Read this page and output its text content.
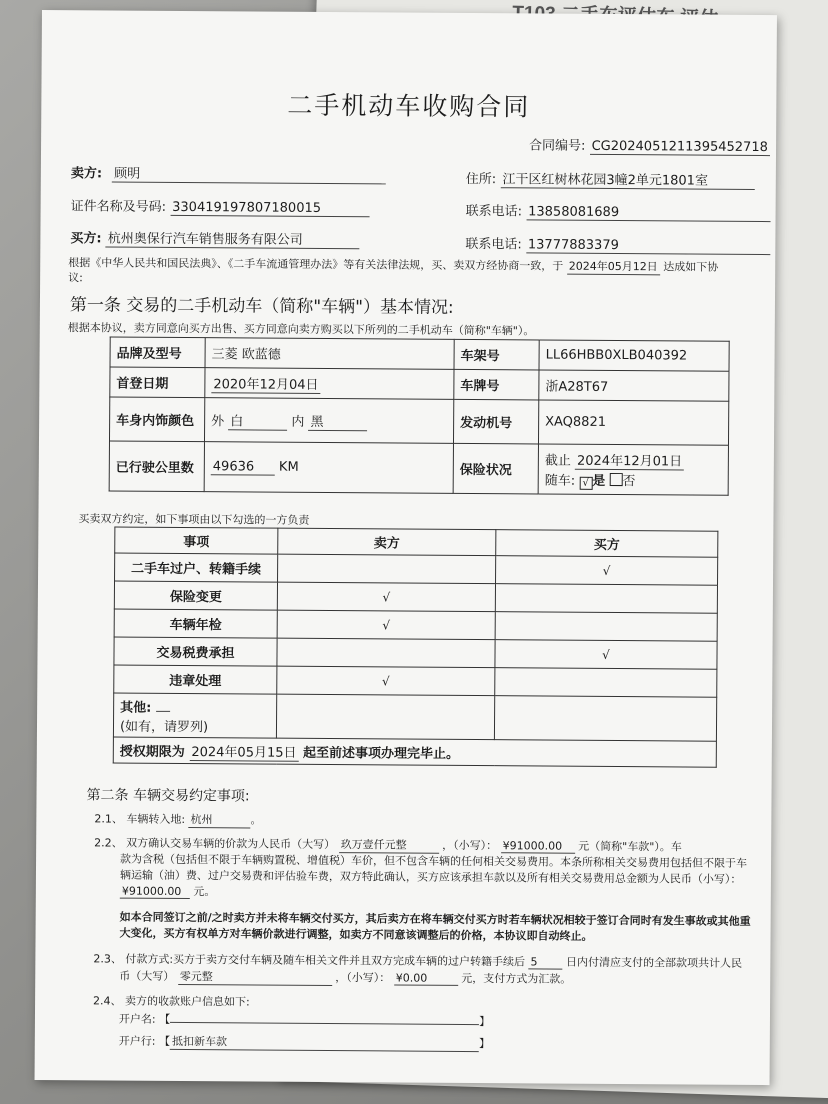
二手机动车收购合同
合同编号: CG2024051211395452718
卖方: 顾明	住所: 江干区红树林花园3幢2单元1801室
证件名称及号码: 330419197807180015	联系电话: 13858081689
买方: 杭州奥保行汽车销售服务有限公司	联系电话: 13777883379
根据《中华人民共和国民法典》、《二手车流通管理办法》等有关法律法规，买、卖双方经协商一致，于 2024年05月12日 达成如下协
议:
第一条 交易的二手机动车（简称"车辆"）基本情况:
根据本协议，卖方同意向买方出售、买方同意向卖方购买以下所列的二手机动车（简称"车辆"）。
品牌及型号	三菱 欧蓝德	车架号	LL66HBB0XLB040392
首登日期	2020年12月04日	车牌号	浙A28T67
车身内饰颜色	外 白 内 黑	发动机号	XAQ8821
已行驶公里数	49636 KM	保险状况	截止 2024年12月01日
随车: √ 是 否
买卖双方约定，如下事项由以下勾选的一方负责
事项	卖方	买方
二手车过户、转籍手续		√
保险变更	√	
车辆年检	√	
交易税费承担		√
违章处理	√	

其他:
(如有，请罗列)		

授权期限为 2024年05月15日 起至前述事项办理完毕止。		
第二条 车辆交易约定事项:
2.1、 车辆转入地: 杭州	。
2.2、 双方确认交易车辆的价款为人民币（大写） 玖万壹仟元整	，（小写）： ¥91000.00 元（简称"车款"）。车
款为含税（包括但不限于车辆购置税、增值税）车价，但不包含车辆的任何相关交易费用。本条所称相关交易费用包括但不限于车
辆运输（油）费、过户交易费和评估验车费，双方特此确认，买方应该承担车款以及所有相关交易费用总金额为人民币（小写）：
¥91000.00 元。
如本合同签订之前/之时卖方并未将车辆交付买方，其后卖方在将车辆交付买方时若车辆状况相较于签订合同时有发生事故或其他重
大变化，买方有权单方对车辆价款进行调整，如卖方不同意该调整后的价格，本协议即自动终止。
2.3、 付款方式:买方于卖方交付车辆及随车相关文件并且双方完成车辆的过户转籍手续后 5	日内付清应支付的全部款项共计人民
币（大写） 零元整	，（小写）： ¥0.00	元，支付方式为汇款。
2.4、 卖方的收款账户信息如下:
开户名: 【	】
开户行: 【 抵扣新车款	】
